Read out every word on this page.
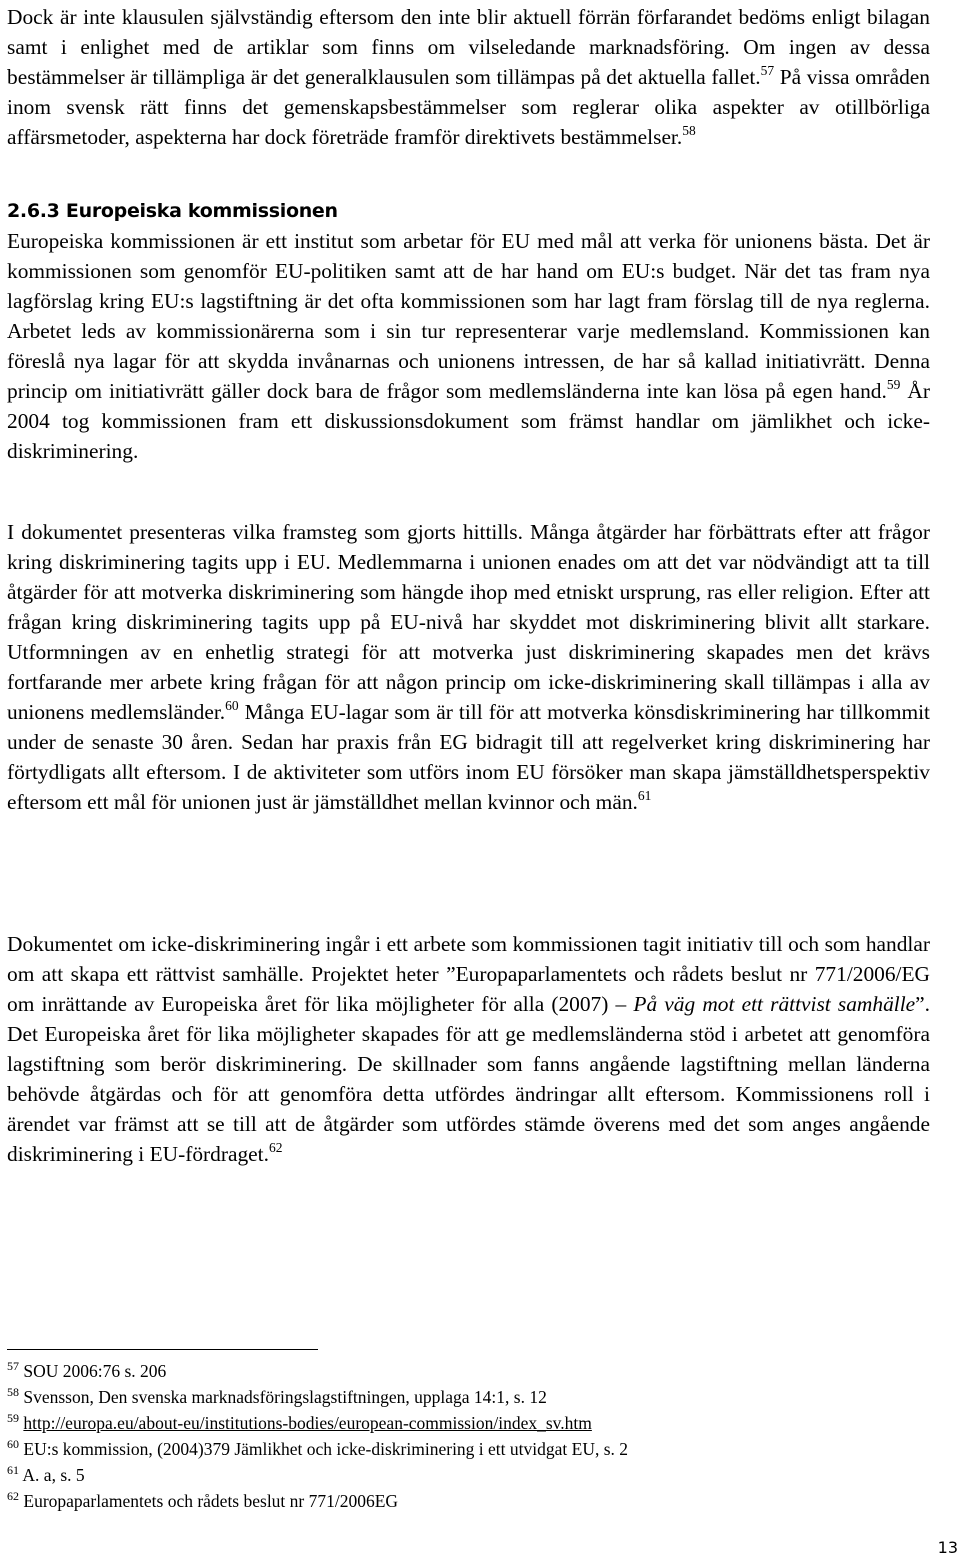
Dock är inte klausulen självständig eftersom den inte blir aktuell förrän förfarandet bedöms enligt bilagan samt i enlighet med de artiklar som finns om vilseledande marknadsföring. Om ingen av dessa bestämmelser är tillämpliga är det generalklausulen som tillämpas på det aktuella fallet.$^{57}$ På vissa områden inom svensk rätt finns det gemenskapsbestämmelser som reglerar olika aspekter av otillbörliga affärsmetoder, aspekterna har dock företräde framför direktivets bestämmelser.$^{58}$

2.6.3 Europeiska kommissionen

Europeiska kommissionen är ett institut som arbetar för EU med mål att verka för unionens bästa. Det är kommissionen som genomför EU-politiken samt att de har hand om EU:s budget. När det tas fram nya lagförslag kring EU:s lagstiftning är det ofta kommissionen som har lagt fram förslag till de nya reglerna. Arbetet leds av kommissionärerna som i sin tur representerar varje medlemsland. Kommissionen kan föreslå nya lagar för att skydda invånarnas och unionens intressen, de har så kallad initiativrätt. Denna princip om initiativrätt gäller dock bara de frågor som medlemsländerna inte kan lösa på egen hand.$^{59}$ År 2004 tog kommissionen fram ett diskussionsdokument som främst handlar om jämlikhet och icke-diskriminering.

I dokumentet presenteras vilka framsteg som gjorts hittills. Många åtgärder har förbättrats efter att frågor kring diskriminering tagits upp i EU. Medlemmarna i unionen enades om att det var nödvändigt att ta till åtgärder för att motverka diskriminering som hängde ihop med etniskt ursprung, ras eller religion. Efter att frågan kring diskriminering tagits upp på EU-nivå har skyddet mot diskriminering blivit allt starkare. Utformningen av en enhetlig strategi för att motverka just diskriminering skapades men det krävs fortfarande mer arbete kring frågan för att någon princip om icke-diskriminering skall tillämpas i alla av unionens medlemsländer.$^{60}$ Många EU-lagar som är till för att motverka könsdiskriminering har tillkommit under de senaste 30 åren. Sedan har praxis från EG bidragit till att regelverket kring diskriminering har förtydligats allt eftersom. I de aktiviteter som utförs inom EU försöker man skapa jämställdhetsperspektiv eftersom ett mål för unionen just är jämställdhet mellan kvinnor och män.$^{61}$

Dokumentet om icke-diskriminering ingår i ett arbete som kommissionen tagit initiativ till och som handlar om att skapa ett rättvist samhälle. Projektet heter ”Europaparlamentets och rådets beslut nr 771/2006/EG om inrättande av Europeiska året för lika möjligheter för alla (2007) – På väg mot ett rättvist samhälle”. Det Europeiska året för lika möjligheter skapades för att ge medlemsländerna stöd i arbetet att genomföra lagstiftning som berör diskriminering. De skillnader som fanns angående lagstiftning mellan länderna behövde åtgärdas och för att genomföra detta utfördes ändringar allt eftersom. Kommissionens roll i ärendet var främst att se till att de åtgärder som utfördes stämde överens med det som anges angående diskriminering i EU-fördraget.$^{62}$

$^{57}$ SOU 2006:76 s. 206

$^{58}$ Svensson, Den svenska marknadsföringslagstiftningen, upplaga 14:1, s. 12

$^{59}$ http://europa.eu/about-eu/institutions-bodies/european-commission/index_sv.htm

$^{60}$ EU:s kommission, (2004)379 Jämlikhet och icke-diskriminering i ett utvidgat EU, s. 2

$^{61}$ A. a, s. 5

$^{62}$ Europaparlamentets och rådets beslut nr 771/2006EG

13
